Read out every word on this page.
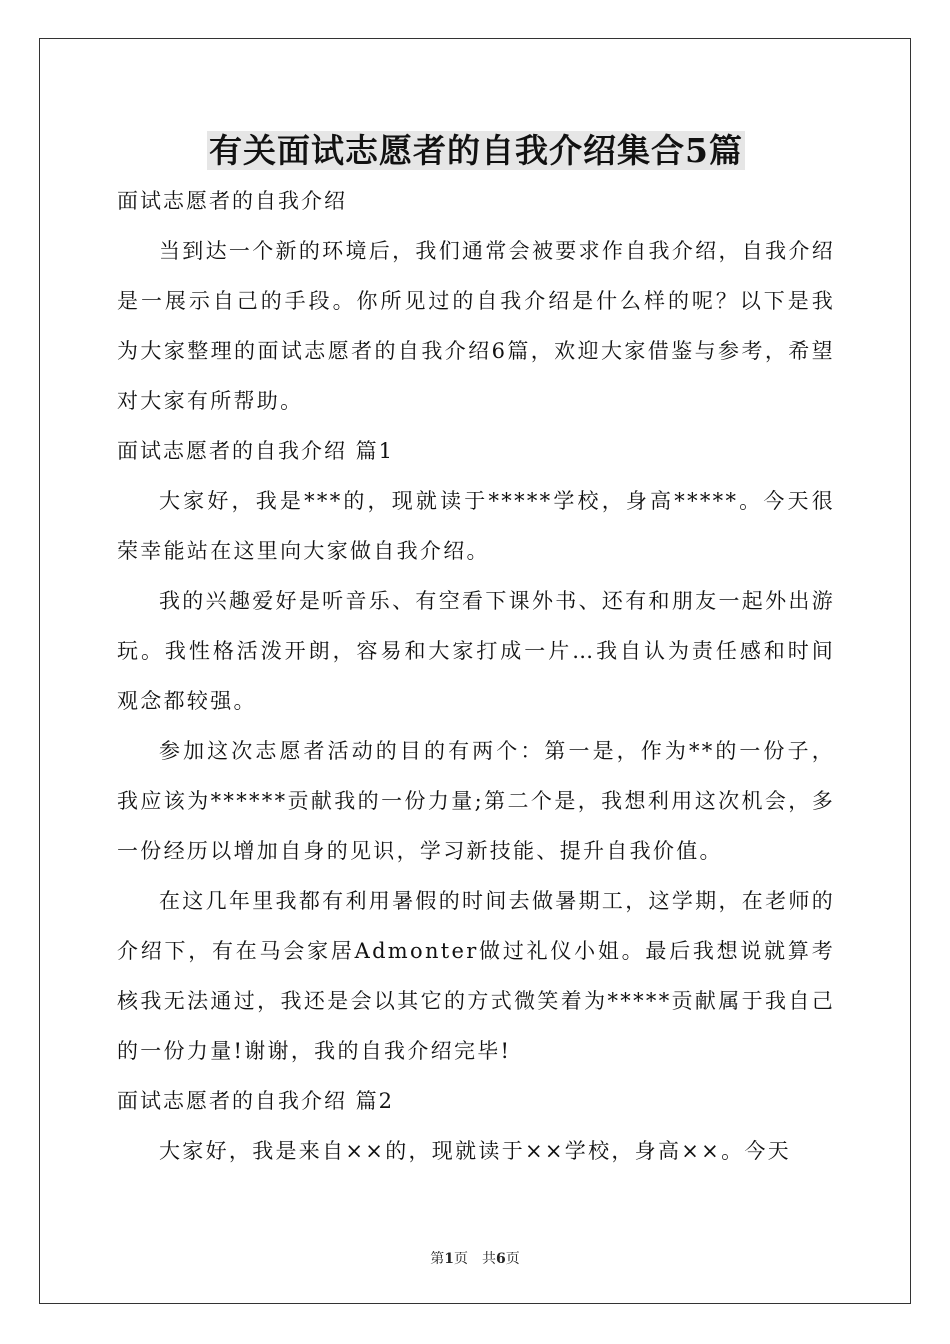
有关面试志愿者的自我介绍集合5篇

面试志愿者的自我介绍

当到达一个新的环境后，我们通常会被要求作自我介绍，自我介绍是一展示自己的手段。你所见过的自我介绍是什么样的呢？以下是我为大家整理的面试志愿者的自我介绍6篇，欢迎大家借鉴与参考，希望对大家有所帮助。

面试志愿者的自我介绍 篇1

大家好，我是***的，现就读于*****学校，身高*****。今天很荣幸能站在这里向大家做自我介绍。

我的兴趣爱好是听音乐、有空看下课外书、还有和朋友一起外出游玩。我性格活泼开朗，容易和大家打成一片…我自认为责任感和时间观念都较强。

参加这次志愿者活动的目的有两个：第一是，作为**的一份子，我应该为******贡献我的一份力量;第二个是，我想利用这次机会，多一份经历以增加自身的见识，学习新技能、提升自我价值。

在这几年里我都有利用暑假的时间去做暑期工，这学期，在老师的介绍下，有在马会家居Admonter做过礼仪小姐。最后我想说就算考核我无法通过，我还是会以其它的方式微笑着为*****贡献属于我自己的一份力量!谢谢，我的自我介绍完毕!

面试志愿者的自我介绍 篇2

大家好，我是来自××的，现就读于××学校，身高××。今天

第1页　共6页
